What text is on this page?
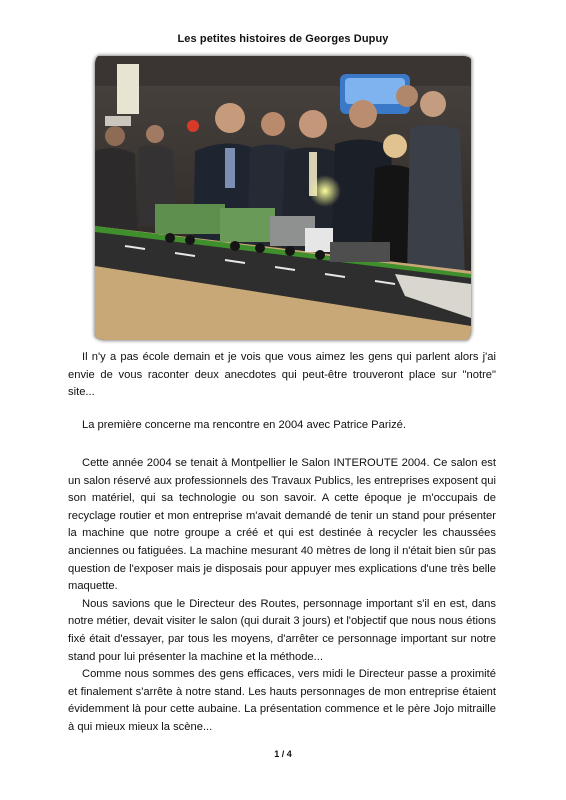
Les petites histoires de Georges Dupuy

Il n'y a pas école demain et je vois que vous aimez les gens qui parlent alors j'ai envie de vous raconter deux anecdotes qui peut-être trouveront place sur "notre" site...

La première concerne ma rencontre en 2004 avec Patrice Parizé.

Cette année 2004 se tenait à Montpellier le Salon INTEROUTE 2004. Ce salon est un salon réservé aux professionnels des Travaux Publics, les entreprises exposent qui son matériel, qui sa technologie ou son savoir. A cette époque je m'occupais de recyclage routier et mon entreprise m'avait demandé de tenir un stand pour présenter la machine que notre groupe a créé et qui est destinée à recycler les chaussées anciennes ou fatiguées. La machine mesurant 40 mètres de long il n'était bien sûr pas question de l'exposer mais je disposais pour appuyer mes explications d'une très belle maquette.

Nous savions que le Directeur des Routes, personnage important s'il en est, dans notre métier, devait visiter le salon (qui durait 3 jours) et l'objectif que nous nous étions fixé était d'essayer, par tous les moyens, d'arrêter ce personnage important sur notre stand pour lui présenter la machine et la méthode...

Comme nous sommes des gens efficaces, vers midi le Directeur passe a proximité et finalement s'arrête à notre stand. Les hauts personnages de mon entreprise étaient évidemment là pour cette aubaine. La présentation commence et le père Jojo mitraille à qui mieux mieux la scène...

1 / 4
